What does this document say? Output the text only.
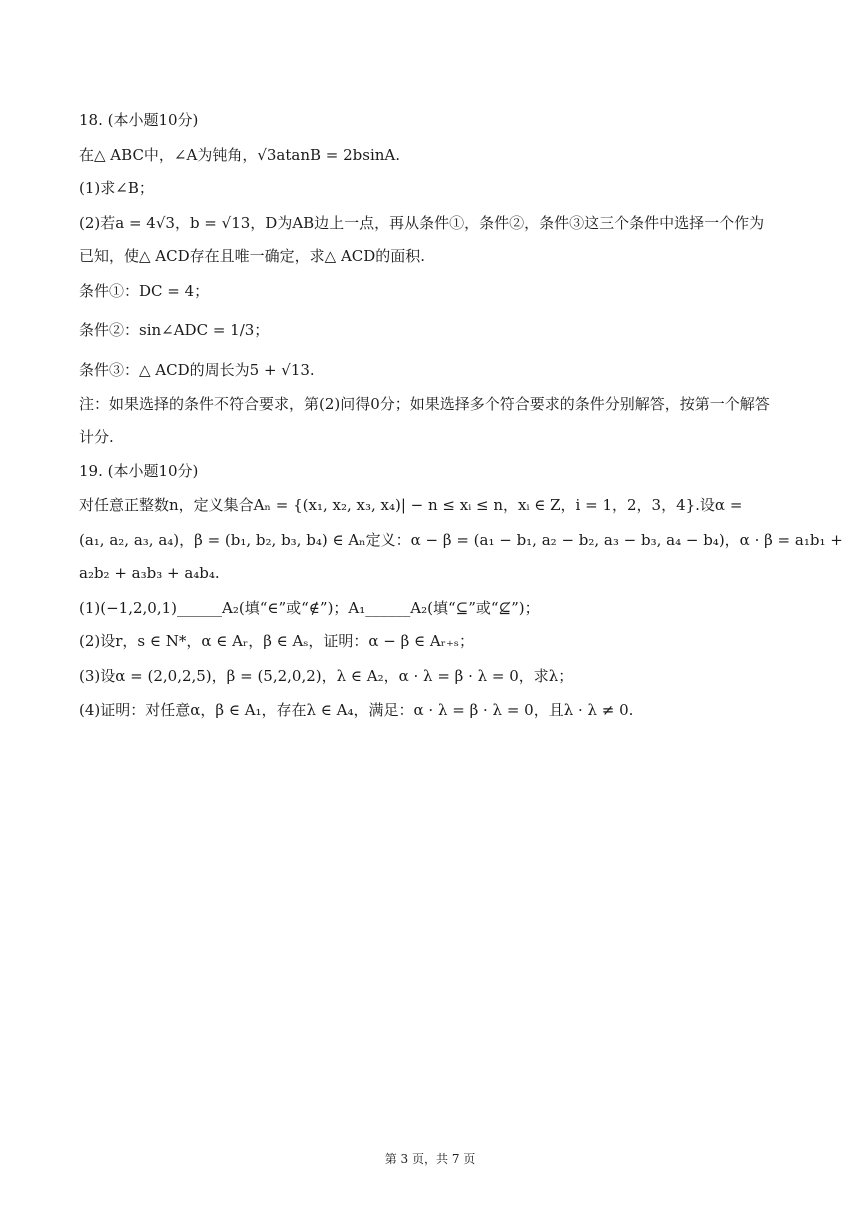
18. (本小题10分)

在△ ABC中，∠A为钝角，√3atanB = 2bsinA.

(1)求∠B；

(2)若a = 4√3，b = √13，D为AB边上一点，再从条件①，条件②，条件③这三个条件中选择一个作为

已知，使△ ACD存在且唯一确定，求△ ACD的面积.

条件①：DC = 4；

条件②：sin∠ADC = 1/3；

条件③：△ ACD的周长为5 + √13.

注：如果选择的条件不符合要求，第(2)问得0分；如果选择多个符合要求的条件分别解答，按第一个解答

计分.

19. (本小题10分)

对任意正整数n，定义集合Aₙ = {(x₁, x₂, x₃, x₄)| − n ≤ xᵢ ≤ n，xᵢ ∈ Z，i = 1，2，3，4}.设α =

(a₁, a₂, a₃, a₄)，β = (b₁, b₂, b₃, b₄) ∈ Aₙ定义：α − β = (a₁ − b₁, a₂ − b₂, a₃ − b₃, a₄ − b₄)，α · β = a₁b₁ +

a₂b₂ + a₃b₃ + a₄b₄.

(1)(−1,2,0,1)______A₂(填“∈”或“∉”)；A₁______A₂(填“⊆”或“⊈”)；

(2)设r，s ∈ N*，α ∈ Aᵣ，β ∈ Aₛ，证明：α − β ∈ Aᵣ₊ₛ；

(3)设α = (2,0,2,5)，β = (5,2,0,2)，λ ∈ A₂，α · λ = β · λ = 0，求λ；

(4)证明：对任意α，β ∈ A₁，存在λ ∈ A₄，满足：α · λ = β · λ = 0，且λ · λ ≠ 0.

第 3 页，共 7 页
